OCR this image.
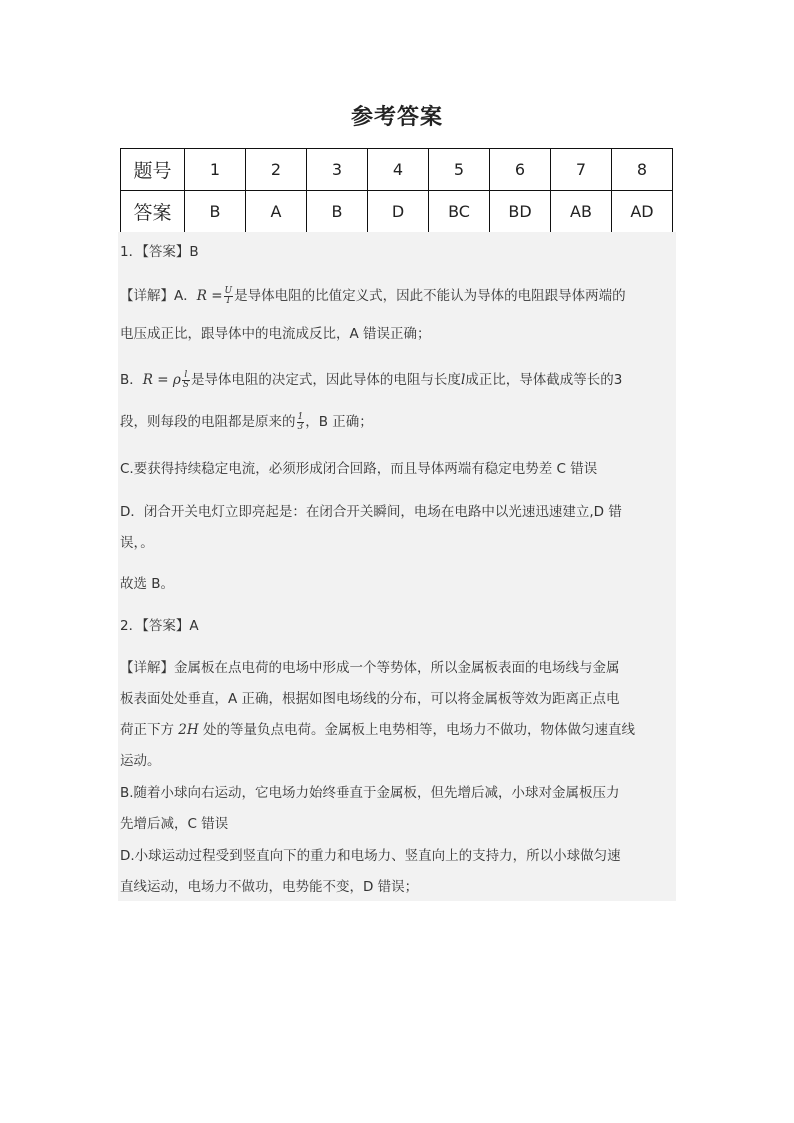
参考答案
题号	1	2	3	4	5	6	7	8
答案	B	A	B	D	BC	BD	AB	AD
1．【答案】B
【详解】A．$R = \frac{U}{I}$ 是导体电阻的比值定义式，因此不能认为导体的电阻跟导体两端的
电压成正比，跟导体中的电流成反比，A 错误正确；
B．R = ρ $\frac{l}{S}$ 是导体电阻的决定式，因此导体的电阻与长度l成正比，导体截成等长的3
段，则每段的电阻都是原来的 $\frac{1}{3}$ ，B 正确；
C.要获得持续稳定电流，必须形成闭合回路，而且导体两端有稳定电势差 C 错误
D．闭合开关电灯立即亮起是：在闭合开关瞬间，电场在电路中以光速迅速建立,D 错
误，。
故选 B。
2．【答案】A
【详解】金属板在点电荷的电场中形成一个等势体，所以金属板表面的电场线与金属
板表面处处垂直，A 正确，根据如图电场线的分布，可以将金属板等效为距离正点电
荷正下方 2H 处的等量负点电荷。金属板上电势相等，电场力不做功，物体做匀速直线
运动。
B.随着小球向右运动，它电场力始终垂直于金属板，但先增后减，小球对金属板压力
先增后减，C 错误
D.小球运动过程受到竖直向下的重力和电场力、竖直向上的支持力，所以小球做匀速
直线运动，电场力不做功，电势能不变，D 错误；
